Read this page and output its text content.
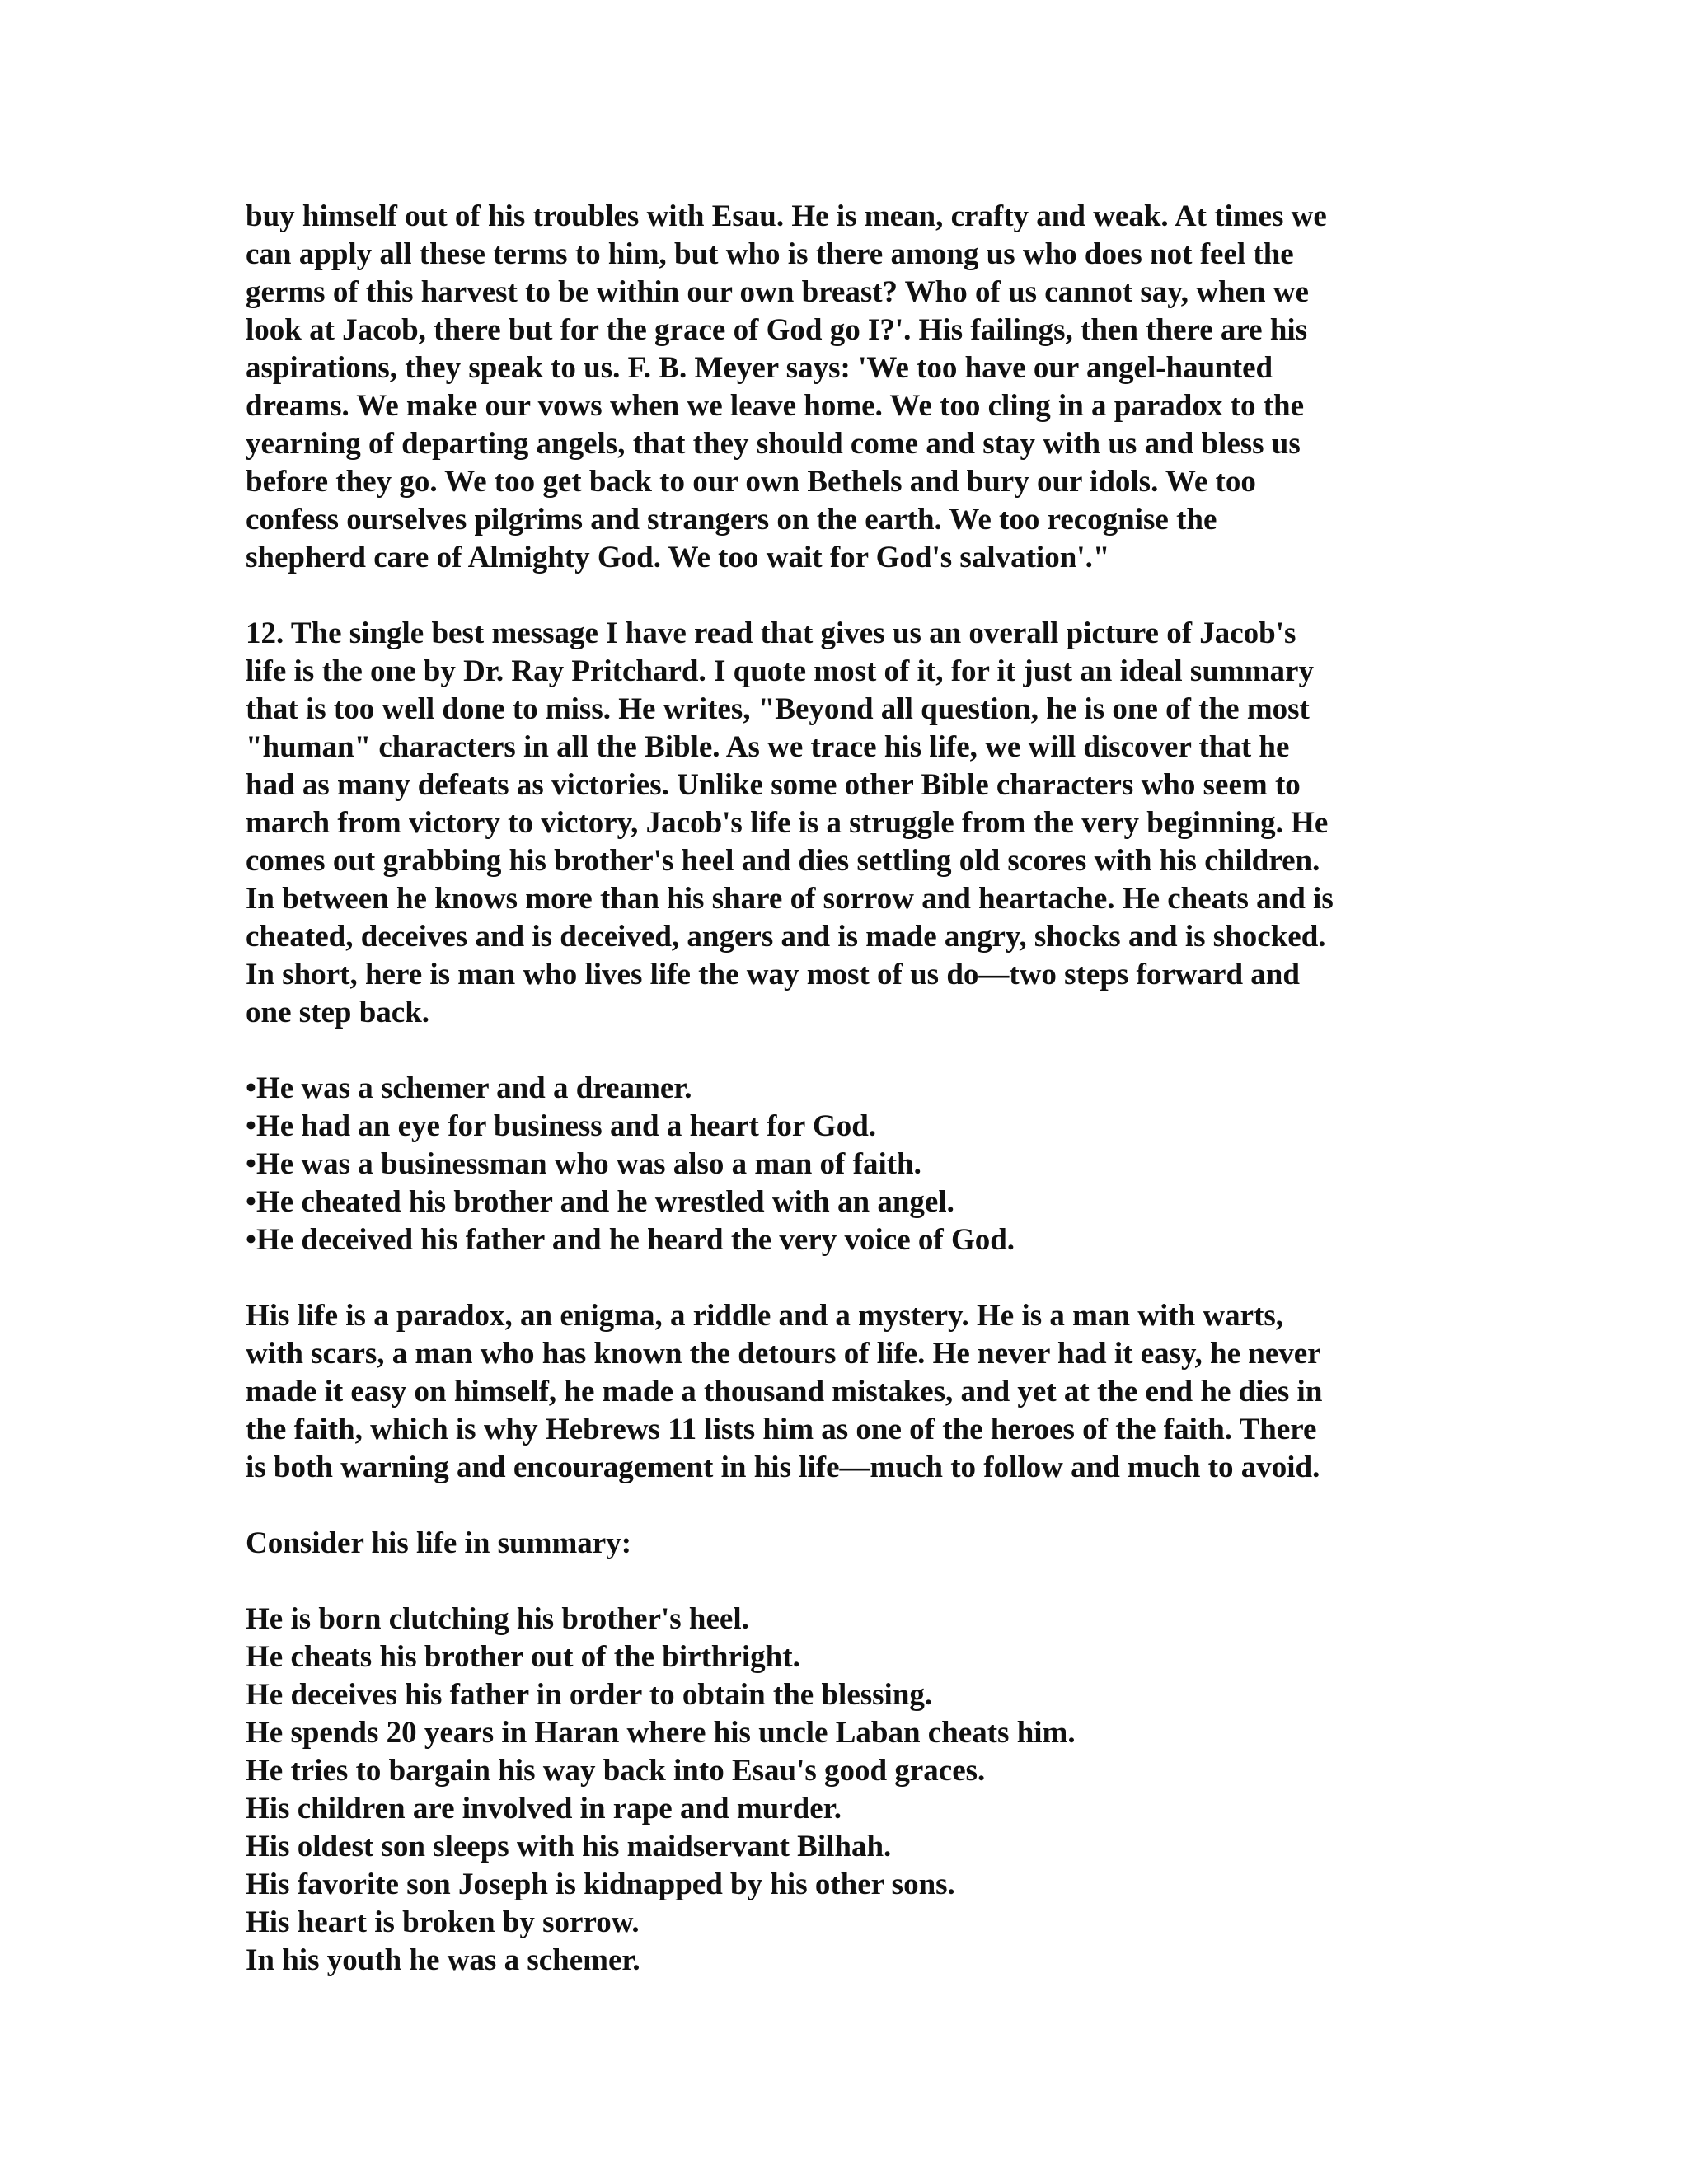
buy himself out of his troubles with Esau. He is mean, crafty and weak. At times we
can apply all these terms to him, but who is there among us who does not feel the
germs of this harvest to be within our own breast? Who of us cannot say, when we
look at Jacob, there but for the grace of God go I?'. His failings, then there are his
aspirations, they speak to us. F. B. Meyer says: 'We too have our angel-haunted
dreams. We make our vows when we leave home. We too cling in a paradox to the
yearning of departing angels, that they should come and stay with us and bless us
before they go. We too get back to our own Bethels and bury our idols. We too
confess ourselves pilgrims and strangers on the earth. We too recognise the
shepherd care of Almighty God. We too wait for God's salvation'."
12. The single best message I have read that gives us an overall picture of Jacob's
life is the one by Dr. Ray Pritchard. I quote most of it, for it just an ideal summary
that is too well done to miss. He writes, "Beyond all question, he is one of the most
"human" characters in all the Bible. As we trace his life, we will discover that he
had as many defeats as victories. Unlike some other Bible characters who seem to
march from victory to victory, Jacob's life is a struggle from the very beginning. He
comes out grabbing his brother's heel and dies settling old scores with his children.
In between he knows more than his share of sorrow and heartache. He cheats and is
cheated, deceives and is deceived, angers and is made angry, shocks and is shocked.
In short, here is man who lives life the way most of us do—two steps forward and
one step back.
•He was a schemer and a dreamer.
•He had an eye for business and a heart for God.
•He was a businessman who was also a man of faith.
•He cheated his brother and he wrestled with an angel.
•He deceived his father and he heard the very voice of God.
His life is a paradox, an enigma, a riddle and a mystery. He is a man with warts,
with scars, a man who has known the detours of life. He never had it easy, he never
made it easy on himself, he made a thousand mistakes, and yet at the end he dies in
the faith, which is why Hebrews 11 lists him as one of the heroes of the faith. There
is both warning and encouragement in his life—much to follow and much to avoid.
Consider his life in summary:
He is born clutching his brother's heel.
He cheats his brother out of the birthright.
He deceives his father in order to obtain the blessing.
He spends 20 years in Haran where his uncle Laban cheats him.
He tries to bargain his way back into Esau's good graces.
His children are involved in rape and murder.
His oldest son sleeps with his maidservant Bilhah.
His favorite son Joseph is kidnapped by his other sons.
His heart is broken by sorrow.
In his youth he was a schemer.
